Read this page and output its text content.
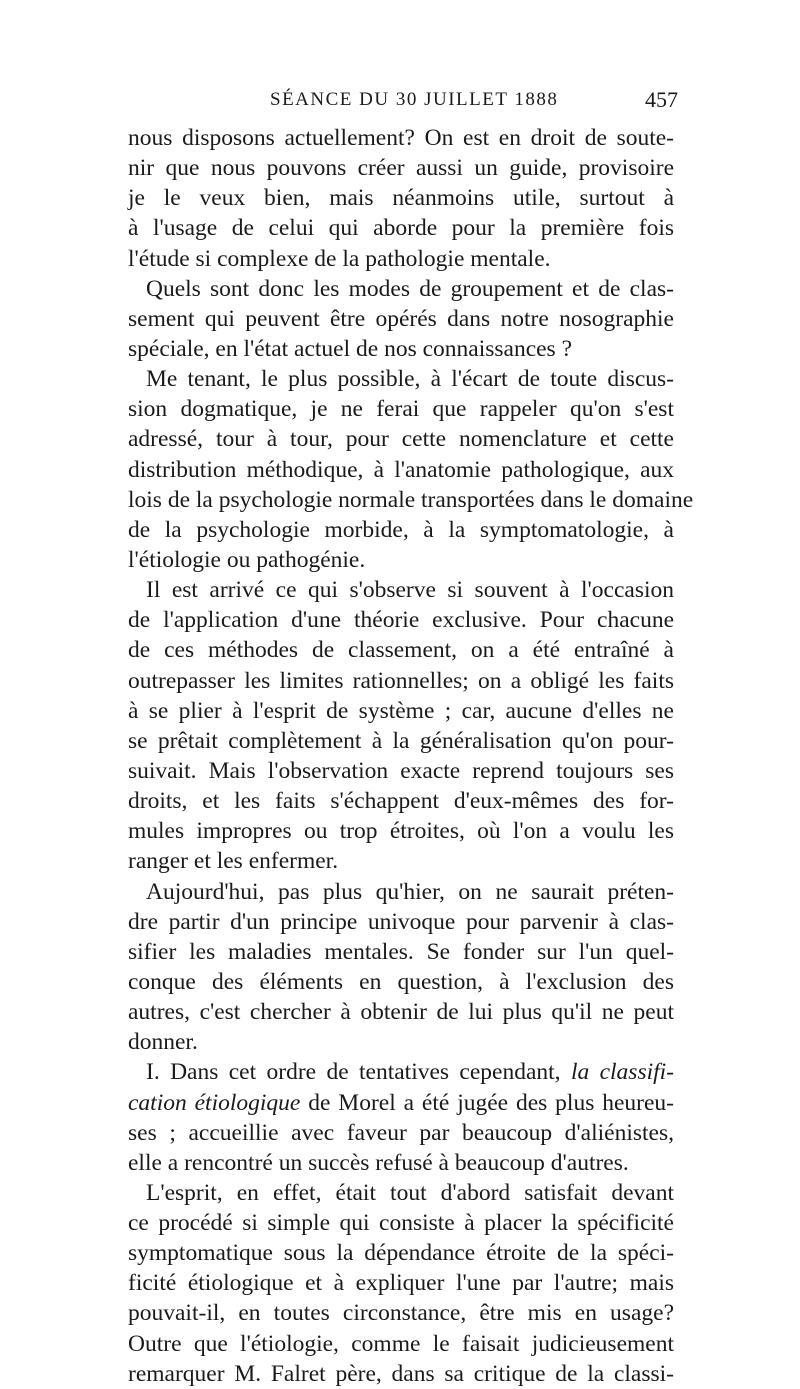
SÉANCE DU 30 JUILLET 1888	457
nous disposons actuellement? On est en droit de soute-
nir que nous pouvons créer aussi un guide, provisoire
je le veux bien, mais néanmoins utile, surtout à
à l'usage de celui qui aborde pour la première fois
l'étude si complexe de la pathologie mentale.
Quels sont donc les modes de groupement et de clas-
sement qui peuvent être opérés dans notre nosographie
spéciale, en l'état actuel de nos connaissances ?
Me tenant, le plus possible, à l'écart de toute discus-
sion dogmatique, je ne ferai que rappeler qu'on s'est
adressé, tour à tour, pour cette nomenclature et cette
distribution méthodique, à l'anatomie pathologique, aux
lois de la psychologie normale transportées dans le domaine
de la psychologie morbide, à la symptomatologie, à
l'étiologie ou pathogénie.
Il est arrivé ce qui s'observe si souvent à l'occasion
de l'application d'une théorie exclusive. Pour chacune
de ces méthodes de classement, on a été entraîné à
outrepasser les limites rationnelles; on a obligé les faits
à se plier à l'esprit de système ; car, aucune d'elles ne
se prêtait complètement à la généralisation qu'on pour-
suivait. Mais l'observation exacte reprend toujours ses
droits, et les faits s'échappent d'eux-mêmes des for-
mules impropres ou trop étroites, où l'on a voulu les
ranger et les enfermer.
Aujourd'hui, pas plus qu'hier, on ne saurait préten-
dre partir d'un principe univoque pour parvenir à clas-
sifier les maladies mentales. Se fonder sur l'un quel-
conque des éléments en question, à l'exclusion des
autres, c'est chercher à obtenir de lui plus qu'il ne peut
donner.
I. Dans cet ordre de tentatives cependant, la classifi-
cation étiologique de Morel a été jugée des plus heureu-
ses ; accueillie avec faveur par beaucoup d'aliénistes,
elle a rencontré un succès refusé à beaucoup d'autres.
L'esprit, en effet, était tout d'abord satisfait devant
ce procédé si simple qui consiste à placer la spécificité
symptomatique sous la dépendance étroite de la spéci-
ficité étiologique et à expliquer l'une par l'autre; mais
pouvait-il, en toutes circonstance, être mis en usage?
Outre que l'étiologie, comme le faisait judicieusement
remarquer M. Falret père, dans sa critique de la classi-
